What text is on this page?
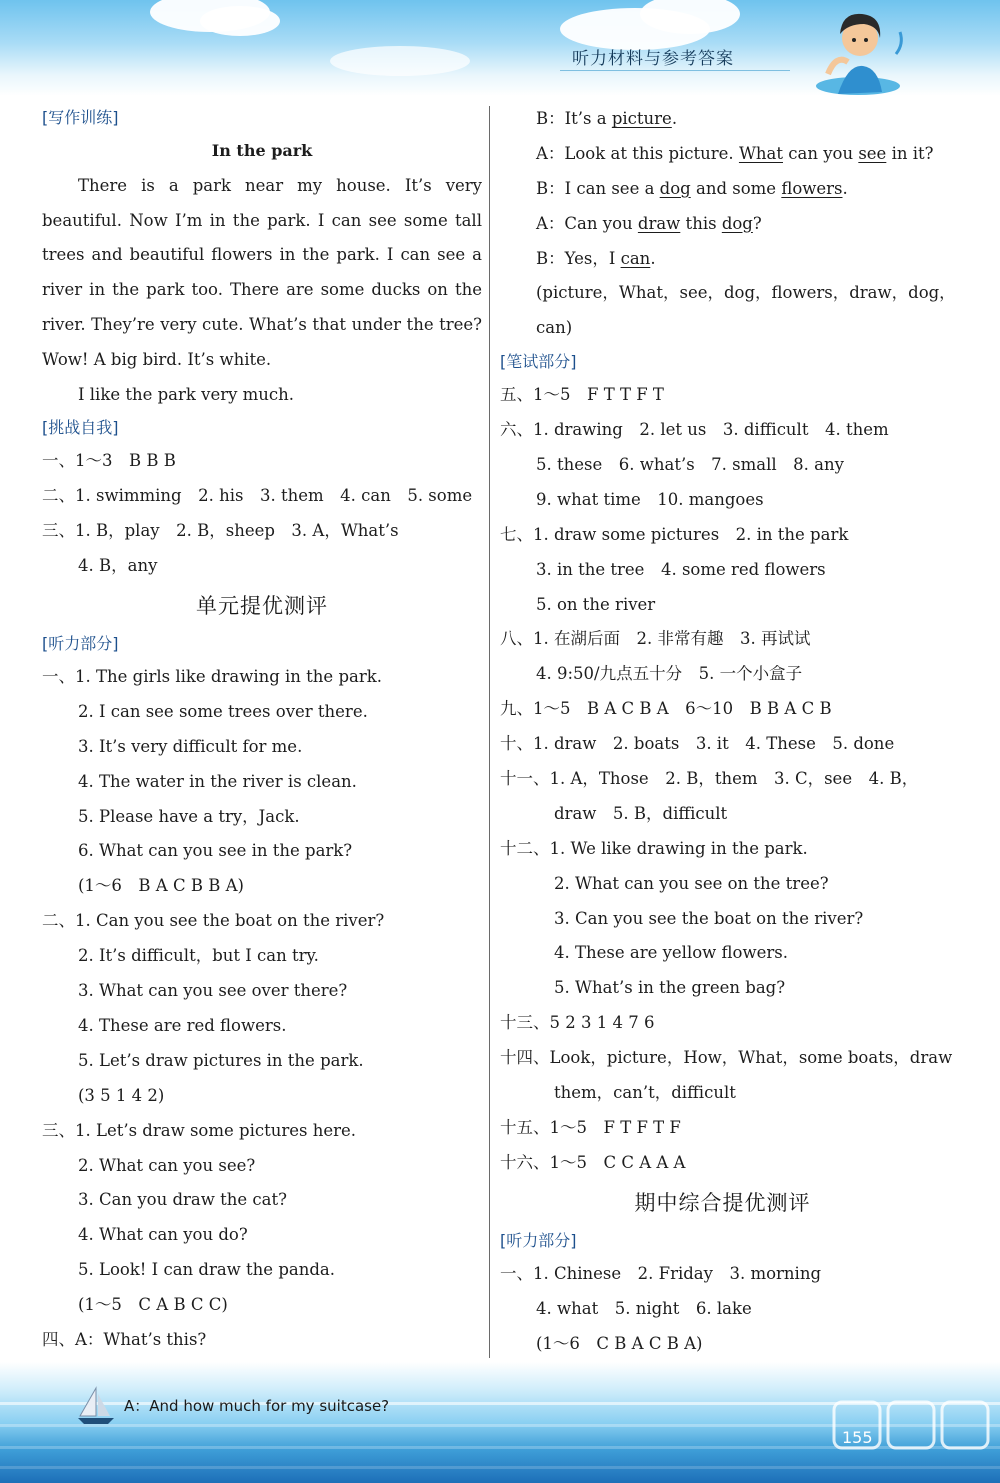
听力材料与参考答案
[写作训练]
In the park

There is a park near my house. It’s very beautiful. Now I’m in the park. I can see some tall trees and beautiful flowers in the park. I can see a river in the park too. There are some ducks on the river. They’re very cute. What’s that under the tree? Wow! A big bird. It’s white.

I like the park very much.

[挑战自我]
一、1～3　B B B
二、1. swimming　2. his　3. them　4. can　5. some
三、1. B，play　2. B，sheep　3. A，What’s
4. B，any
单元提优测评
[听力部分]
一、1. The girls like drawing in the park.
2. I can see some trees over there.
3. It’s very difficult for me.
4. The water in the river is clean.
5. Please have a try，Jack.
6. What can you see in the park?
(1～6　B A C B B A)
二、1. Can you see the boat on the river?
2. It’s difficult，but I can try.
3. What can you see over there?
4. These are red flowers.
5. Let’s draw pictures in the park.
(3 5 1 4 2)
三、1. Let’s draw some pictures here.
2. What can you see?
3. Can you draw the cat?
4. What can you do?
5. Look! I can draw the panda.
(1～5　C A B C C)
四、A：What’s this?
B：It’s a picture.
A：Look at this picture. What can you see in it?
B：I can see a dog and some flowers.
A：Can you draw this dog?
B：Yes，I can.
(picture，What，see，dog，flowers，draw，dog，
can)
[笔试部分]
五、1～5　F T T F T
六、1. drawing　2. let us　3. difficult　4. them
5. these　6. what’s　7. small　8. any
9. what time　10. mangoes
七、1. draw some pictures　2. in the park
3. in the tree　4. some red flowers
5. on the river
八、1. 在湖后面　2. 非常有趣　3. 再试试
4. 9:50/九点五十分　5. 一个小盒子
九、1～5　B A C B A　6～10　B B A C B
十、1. draw　2. boats　3. it　4. These　5. done
十一、1. A，Those　2. B，them　3. C，see　4. B，
draw　5. B，difficult
十二、1. We like drawing in the park.
2. What can you see on the tree?
3. Can you see the boat on the river?
4. These are yellow flowers.
5. What’s in the green bag?
十三、5 2 3 1 4 7 6
十四、Look，picture，How，What，some boats，draw
them，can’t，difficult
十五、1～5　F T F T F
十六、1～5　C C A A A
期中综合提优测评
[听力部分]
一、1. Chinese　2. Friday　3. morning
4. what　5. night　6. lake
(1～6　C B A C B A)
A：And how much for my suitcase?
155
